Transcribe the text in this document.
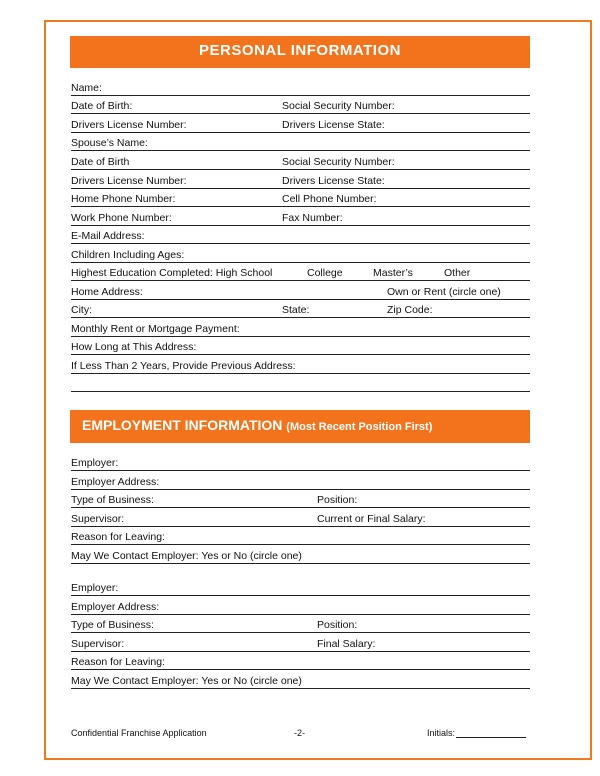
PERSONAL INFORMATION
Name:
Date of Birth:	Social Security Number:
Drivers License Number:	Drivers License State:
Spouse’s Name:
Date of Birth	Social Security Number:
Drivers License Number:	Drivers License State:
Home Phone Number:	Cell Phone Number:
Work Phone Number:	Fax Number:
E-Mail Address:
Children Including Ages:
Highest Education Completed: High School	College	Master’s	Other
Home Address:	Own or Rent (circle one)
City:	State:	Zip Code:
Monthly Rent or Mortgage Payment:
How Long at This Address:
If Less Than 2 Years, Provide Previous Address:
EMPLOYMENT INFORMATION (Most Recent Position First)
Employer:
Employer Address:
Type of Business:	Position:
Supervisor:	Current or Final Salary:
Reason for Leaving:
May We Contact Employer: Yes or No (circle one)
Employer:
Employer Address:
Type of Business:	Position:
Supervisor:	Final Salary:
Reason for Leaving:
May We Contact Employer: Yes or No (circle one)
Confidential Franchise Application	-2-	Initials:
